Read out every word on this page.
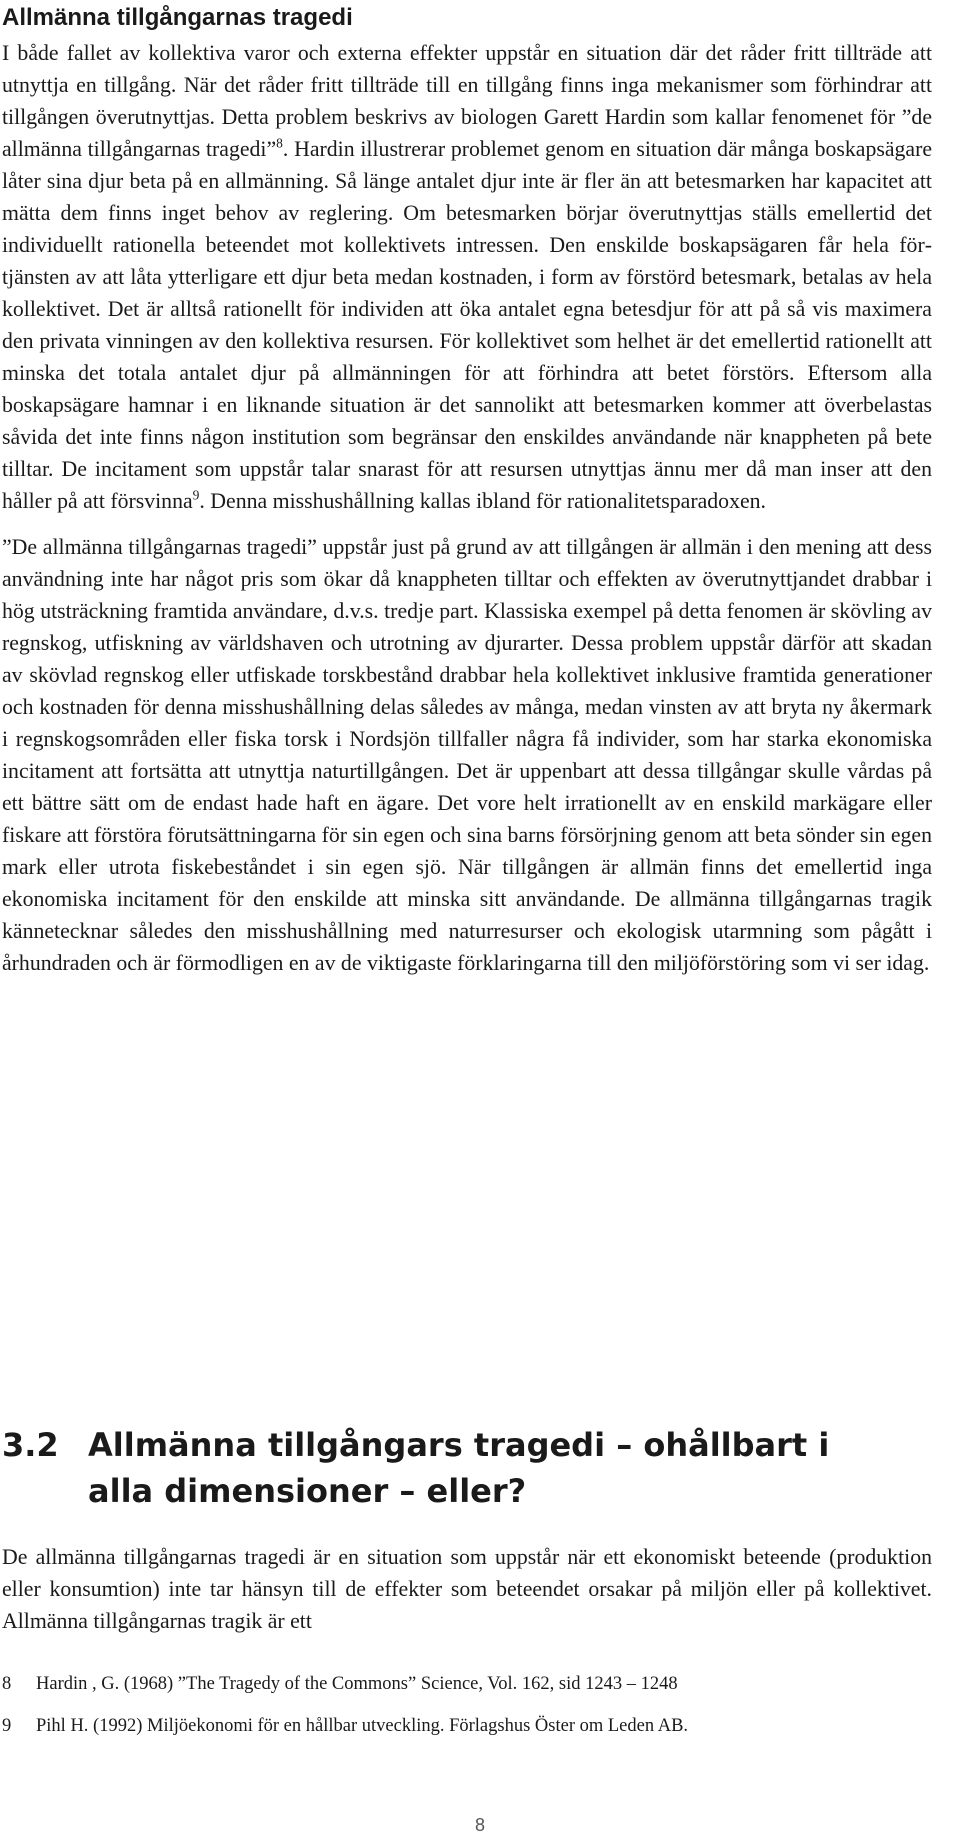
Allmänna tillgångarnas tragedi

I både fallet av kollektiva varor och externa effekter uppstår en situation där det råder fritt tillträde att utnyttja en tillgång. När det råder fritt tillträde till en tillgång finns inga mekanismer som förhindrar att tillgången överutnyttjas. Detta problem beskrivs av biologen Garett Hardin som kallar fenomenet för ”de allmänna tillgångarnas tragedi”$^8$. Hardin illustrerar problemet genom en situation där många boskapsägare låter sina djur beta på en allmänning. Så länge antalet djur inte är fler än att betesmarken har kapacitet att mätta dem finns inget behov av reglering. Om betesmarken börjar överutnyttjas ställs emellertid det individuellt rationella beteendet mot kollektivets intressen. Den enskilde boskapsägaren får hela förtjänsten av att låta ytterligare ett djur beta medan kostnaden, i form av förstörd betesmark, betalas av hela kollektivet. Det är alltså rationellt för individen att öka antalet egna betesdjur för att på så vis maximera den privata vinningen av den kollektiva resursen. För kollektivet som helhet är det emellertid rationellt att minska det totala antalet djur på allmänningen för att förhindra att betet förstörs. Eftersom alla boskapsägare hamnar i en liknande situation är det sannolikt att betesmarken kommer att överbelastas såvida det inte finns någon institution som begränsar den enskildes användande när knappheten på bete tilltar. De incitament som uppstår talar snarast för att resursen utnyttjas ännu mer då man inser att den håller på att försvinna$^9$. Denna misshushållning kallas ibland för rationalitetsparadoxen.

”De allmänna tillgångarnas tragedi” uppstår just på grund av att tillgången är allmän i den mening att dess användning inte har något pris som ökar då knappheten tilltar och effekten av överutnyttjandet drabbar i hög utsträckning framtida användare, d.v.s. tredje part. Klassiska exempel på detta fenomen är skövling av regnskog, utfiskning av världshaven och utrotning av djurarter. Dessa problem uppstår därför att skadan av skövlad regnskog eller utfiskade torskbestånd drabbar hela kollektivet inklusive framtida generationer och kostnaden för denna misshushållning delas således av många, medan vinsten av att bryta ny åkermark i regnskogsområden eller fiska torsk i Nordsjön tillfaller några få individer, som har starka ekonomiska incitament att fortsätta att utnyttja naturtillgången. Det är uppenbart att dessa tillgångar skulle vårdas på ett bättre sätt om de endast hade haft en ägare. Det vore helt irrationellt av en enskild markägare eller fiskare att förstöra förutsättningarna för sin egen och sina barns försörjning genom att beta sönder sin egen mark eller utrota fiskebeståndet i sin egen sjö. När tillgången är allmän finns det emellertid inga ekonomiska incitament för den enskilde att minska sitt användande. De allmänna tillgångarnas tragik kännetecknar således den misshushållning med naturresurser och ekologisk utarmning som pågått i århundraden och är förmodligen en av de viktigaste förklaringarna till den miljöförstöring som vi ser idag.

3.2 Allmänna tillgångars tragedi – ohållbart i alla dimensioner – eller?

De allmänna tillgångarnas tragedi är en situation som uppstår när ett ekonomiskt beteende (produktion eller konsumtion) inte tar hänsyn till de effekter som beteendet orsakar på miljön eller på kollektivet. Allmänna tillgångarnas tragik är ett

8	Hardin , G. (1968) ”The Tragedy of the Commons” Science, Vol. 162, sid 1243 – 1248
9	Pihl H. (1992) Miljöekonomi för en hållbar utveckling. Förlagshus Öster om Leden AB.
8
